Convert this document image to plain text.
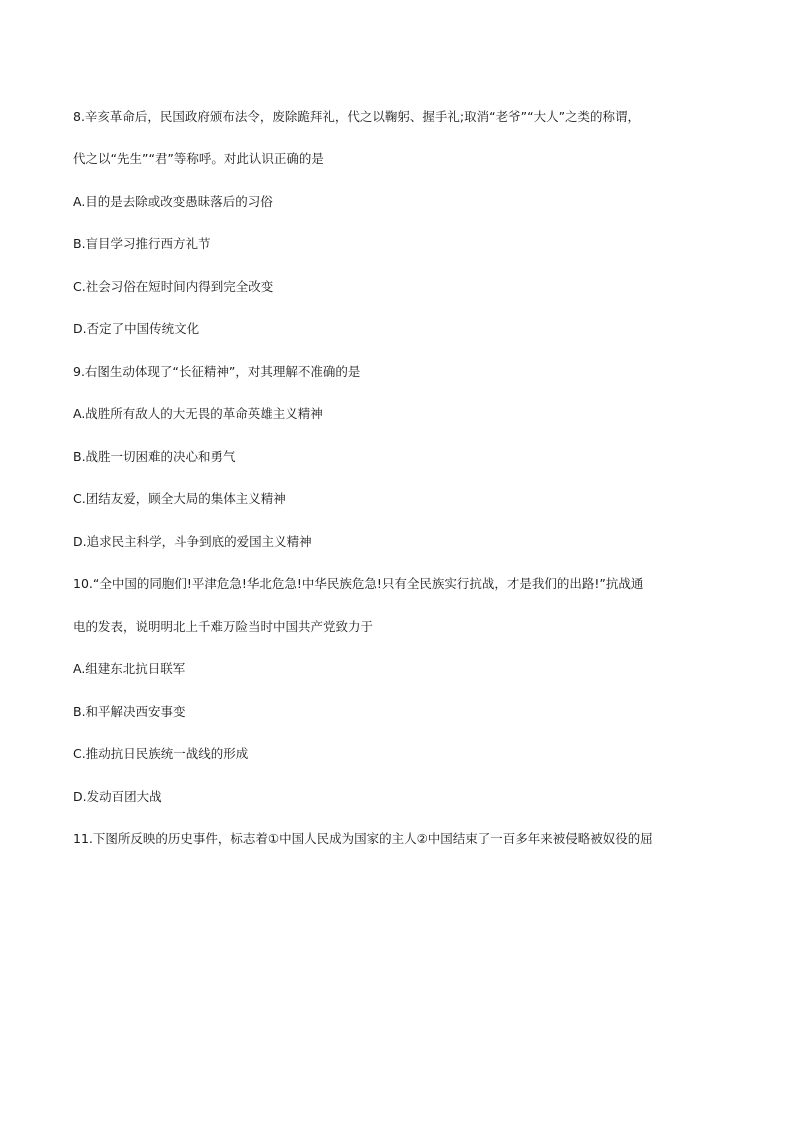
8.辛亥革命后，民国政府颁布法令，废除跪拜礼，代之以鞠躬、握手礼;取消“老爷”“大人”之类的称谓，
代之以“先生”“君”等称呼。对此认识正确的是
A.目的是去除或改变愚昧落后的习俗
B.盲目学习推行西方礼节
C.社会习俗在短时间内得到完全改变
D.否定了中国传统文化
9.右图生动体现了“长征精神”，对其理解不准确的是
A.战胜所有敌人的大无畏的革命英雄主义精神
B.战胜一切困难的决心和勇气
C.团结友爱，顾全大局的集体主义精神
D.追求民主科学，斗争到底的爱国主义精神
10.“全中国的同胞们!平津危急!华北危急!中华民族危急!只有全民族实行抗战，才是我们的出路!”抗战通
电的发表，说明明北上千难万险当时中国共产党致力于
A.组建东北抗日联军
B.和平解决西安事变
C.推动抗日民族统一战线的形成
D.发动百团大战
11.下图所反映的历史事件，标志着①中国人民成为国家的主人②中国结束了一百多年来被侵略被奴役的屈
